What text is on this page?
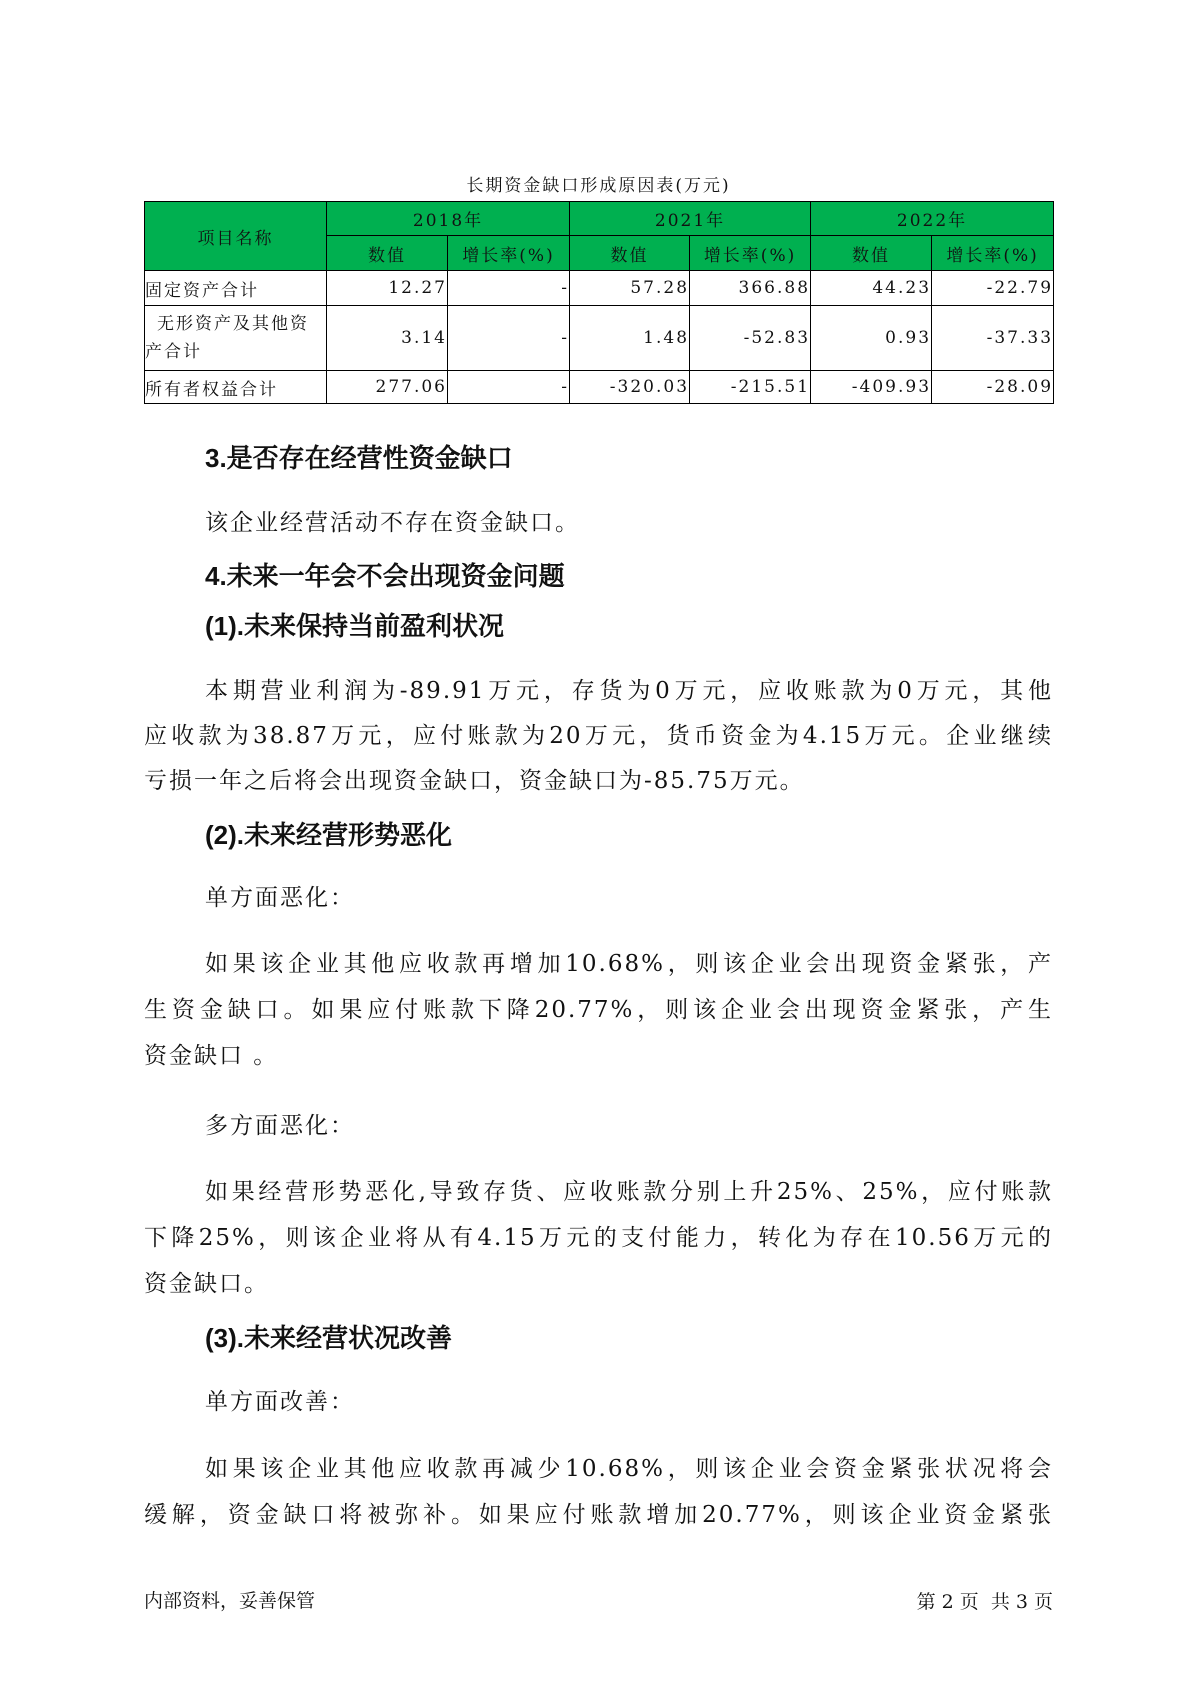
长期资金缺口形成原因表(万元)
项目名称	2018年		2021年		2022年	
	数值	增长率(%)	数值	增长率(%)	数值	增长率(%)
固定资产合计	12.27	-	57.28	366.88	44.23	-22.79
无形资产及其他资产合计	3.14	-	1.48	-52.83	0.93	-37.33
所有者权益合计	277.06	-	-320.03	-215.51	-409.93	-28.09
3.是否存在经营性资金缺口
该企业经营活动不存在资金缺口。
4.未来一年会不会出现资金问题
(1).未来保持当前盈利状况
本期营业利润为-89.91万元，存货为0万元，应收账款为0万元，其他
应收款为38.87万元，应付账款为20万元，货币资金为4.15万元。企业继续
亏损一年之后将会出现资金缺口，资金缺口为-85.75万元。
(2).未来经营形势恶化
单方面恶化：
如果该企业其他应收款再增加10.68%，则该企业会出现资金紧张，产
生资金缺口。如果应付账款下降20.77%，则该企业会出现资金紧张，产生
资金缺口 。
多方面恶化：
如果经营形势恶化,导致存货、应收账款分别上升25%、25%，应付账款
下降25%，则该企业将从有4.15万元的支付能力，转化为存在10.56万元的
资金缺口。
(3).未来经营状况改善
单方面改善：
如果该企业其他应收款再减少10.68%，则该企业会资金紧张状况将会
缓解，资金缺口将被弥补。如果应付账款增加20.77%，则该企业资金紧张
内部资料，妥善保管	第 2 页  共 3 页
